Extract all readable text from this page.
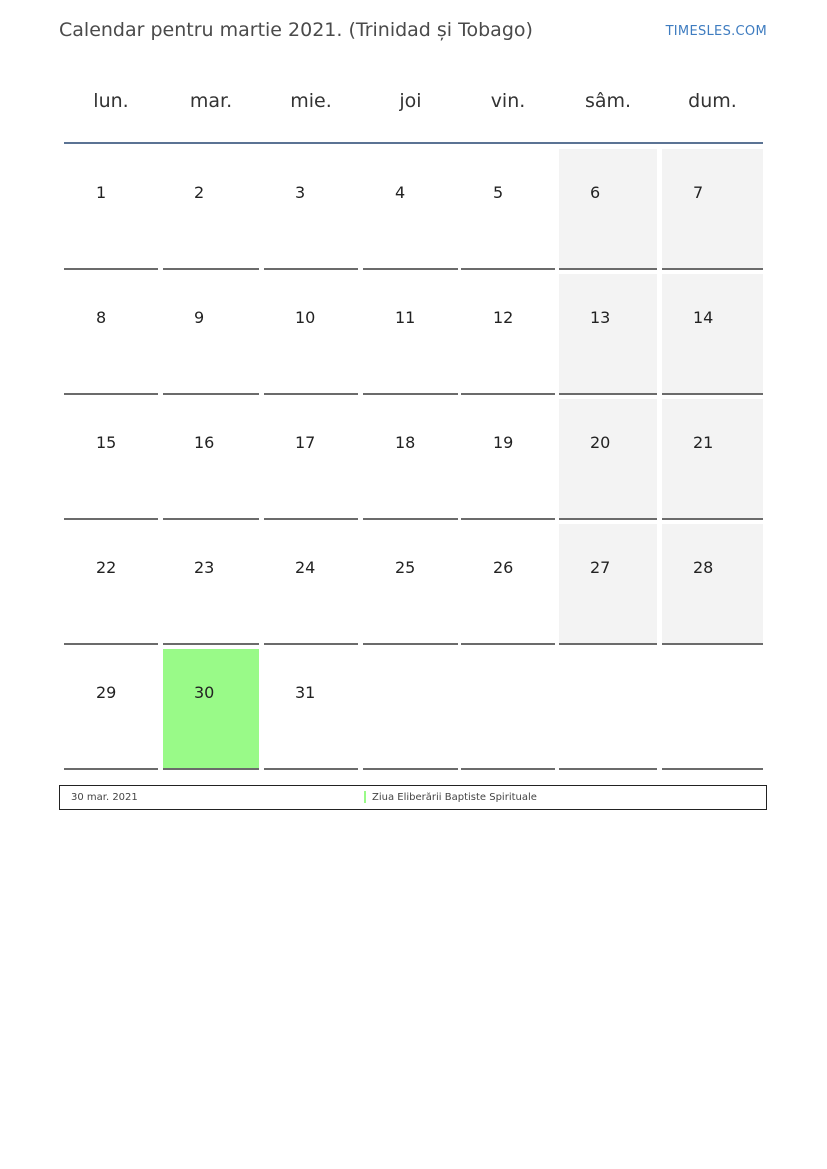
Calendar pentru martie 2021. (Trinidad și Tobago)	TIMESLES.COM
lun.	mar.	mie.	joi	vin.	sâm.	dum.
1	2	3	4	5	6	7
8	9	10	11	12	13	14
15	16	17	18	19	20	21
22	23	24	25	26	27	28
29	30	31
30 mar. 2021	Ziua Eliberării Baptiste Spirituale
